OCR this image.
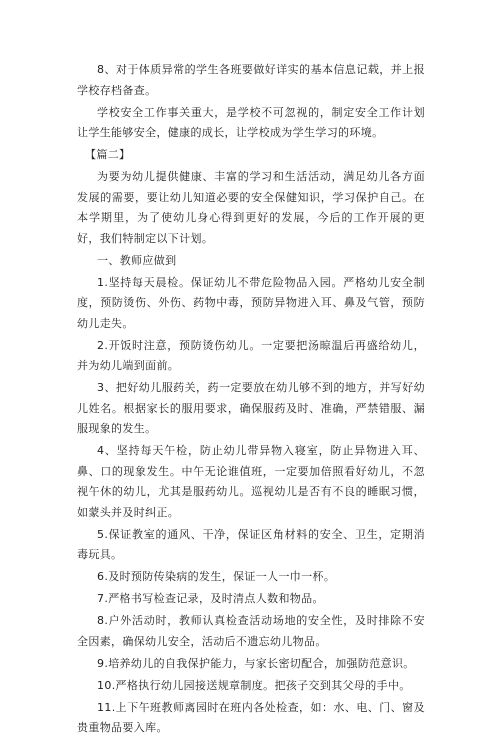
8、对于体质异常的学生各班要做好详实的基本信息记载，并上报学校存档备查。

学校安全工作事关重大，是学校不可忽视的，制定安全工作计划让学生能够安全，健康的成长，让学校成为学生学习的环境。

【篇二】

为要为幼儿提供健康、丰富的学习和生活活动，满足幼儿各方面发展的需要，要让幼儿知道必要的安全保健知识，学习保护自己。在本学期里，为了使幼儿身心得到更好的发展，今后的工作开展的更好，我们特制定以下计划。

一、教师应做到

1.坚持每天晨检。保证幼儿不带危险物品入园。严格幼儿安全制度，预防烫伤、外伤、药物中毒，预防异物进入耳、鼻及气管，预防幼儿走失。

2.开饭时注意，预防烫伤幼儿。一定要把汤晾温后再盛给幼儿，并为幼儿端到面前。

3、把好幼儿服药关，药一定要放在幼儿够不到的地方，并写好幼儿姓名。根据家长的服用要求，确保服药及时、准确，严禁错服、漏服现象的发生。

4、坚持每天午检，防止幼儿带异物入寝室，防止异物进入耳、鼻、口的现象发生。中午无论谁值班，一定要加倍照看好幼儿，不忽视午休的幼儿，尤其是服药幼儿。巡视幼儿是否有不良的睡眠习惯，如蒙头并及时纠正。

5.保证教室的通风、干净，保证区角材料的安全、卫生，定期消毒玩具。

6.及时预防传染病的发生，保证一人一巾一杯。

7.严格书写检查记录，及时清点人数和物品。

8.户外活动时，教师认真检查活动场地的安全性，及时排除不安全因素，确保幼儿安全，活动后不遗忘幼儿物品。

9.培养幼儿的自我保护能力，与家长密切配合，加强防范意识。

10.严格执行幼儿园接送规章制度。把孩子交到其父母的手中。

11.上下午班教师离园时在班内各处检查，如：水、电、门、窗及贵重物品要入库。
